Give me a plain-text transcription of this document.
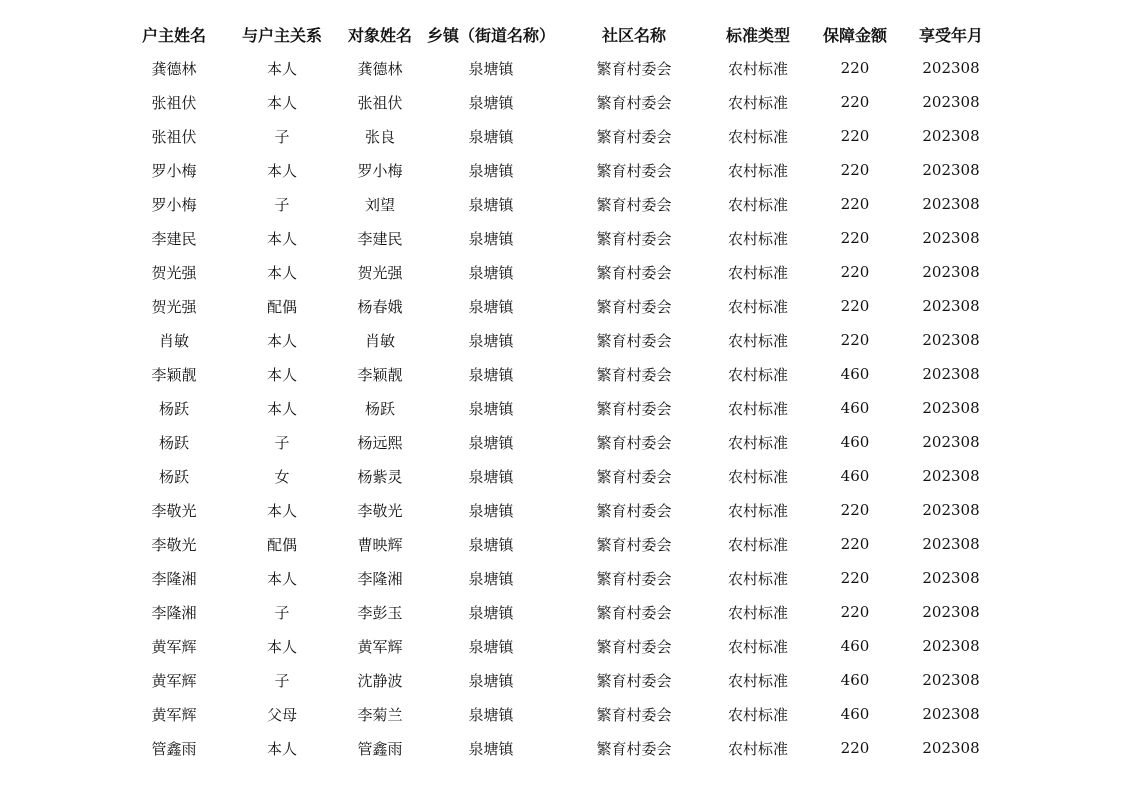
户主姓名	与户主关系	对象姓名	乡镇（街道名称）	社区名称	标准类型	保障金额	享受年月
龚德林	本人	龚德林	泉塘镇	繁育村委会	农村标准	220	202308
张祖伏	本人	张祖伏	泉塘镇	繁育村委会	农村标准	220	202308
张祖伏	子	张良	泉塘镇	繁育村委会	农村标准	220	202308
罗小梅	本人	罗小梅	泉塘镇	繁育村委会	农村标准	220	202308
罗小梅	子	刘望	泉塘镇	繁育村委会	农村标准	220	202308
李建民	本人	李建民	泉塘镇	繁育村委会	农村标准	220	202308
贺光强	本人	贺光强	泉塘镇	繁育村委会	农村标准	220	202308
贺光强	配偶	杨春娥	泉塘镇	繁育村委会	农村标准	220	202308
肖敏	本人	肖敏	泉塘镇	繁育村委会	农村标准	220	202308
李颖靓	本人	李颖靓	泉塘镇	繁育村委会	农村标准	460	202308
杨跃	本人	杨跃	泉塘镇	繁育村委会	农村标准	460	202308
杨跃	子	杨远熙	泉塘镇	繁育村委会	农村标准	460	202308
杨跃	女	杨紫灵	泉塘镇	繁育村委会	农村标准	460	202308
李敬光	本人	李敬光	泉塘镇	繁育村委会	农村标准	220	202308
李敬光	配偶	曹映辉	泉塘镇	繁育村委会	农村标准	220	202308
李隆湘	本人	李隆湘	泉塘镇	繁育村委会	农村标准	220	202308
李隆湘	子	李彭玉	泉塘镇	繁育村委会	农村标准	220	202308
黄军辉	本人	黄军辉	泉塘镇	繁育村委会	农村标准	460	202308
黄军辉	子	沈静波	泉塘镇	繁育村委会	农村标准	460	202308
黄军辉	父母	李菊兰	泉塘镇	繁育村委会	农村标准	460	202308
管鑫雨	本人	管鑫雨	泉塘镇	繁育村委会	农村标准	220	202308
